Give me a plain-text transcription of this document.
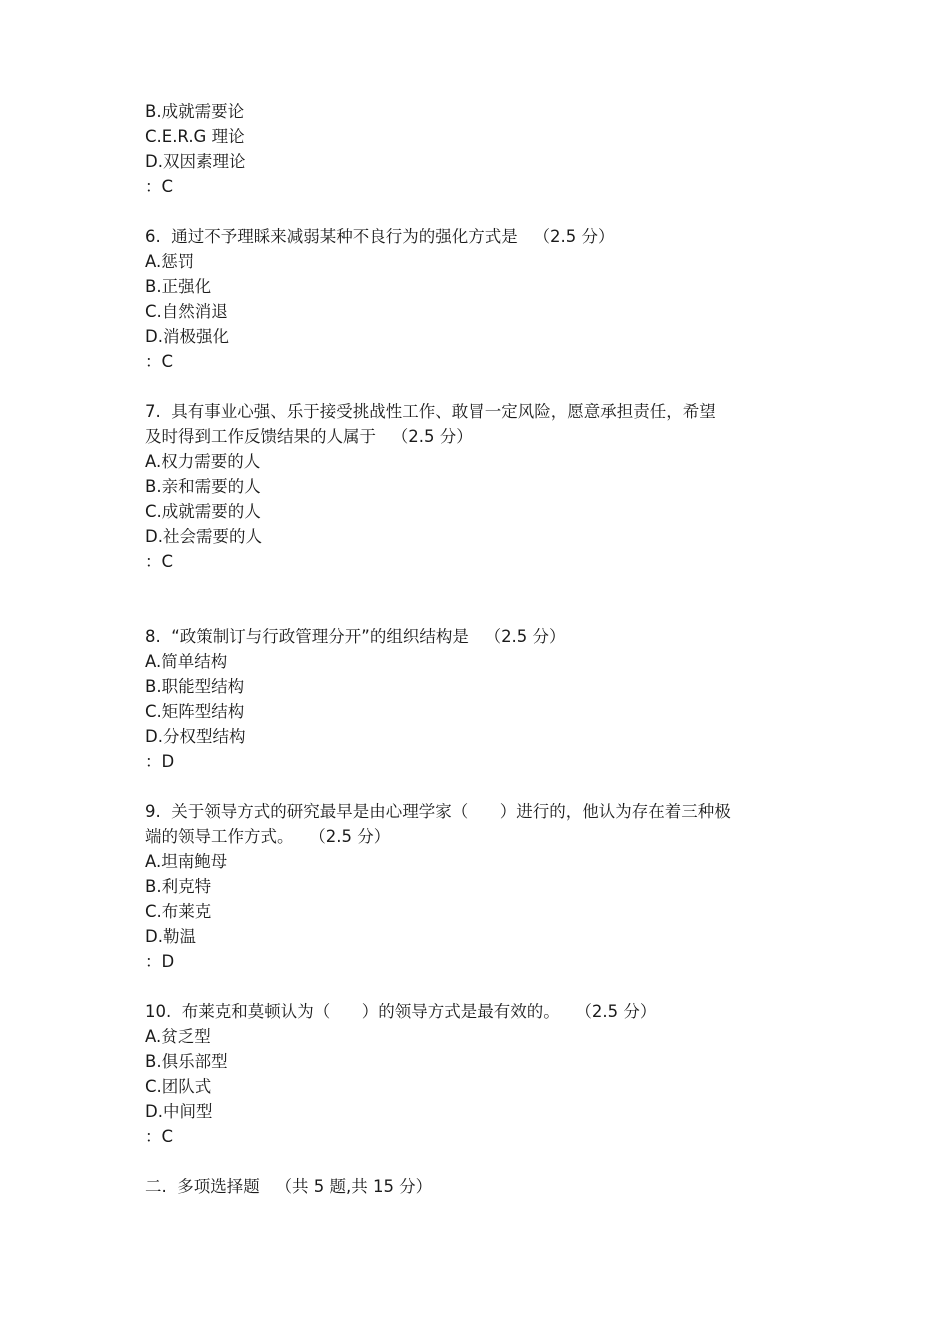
B.成就需要论
C.E.R.G 理论
D.双因素理论
：C
6.  通过不予理睬来减弱某种不良行为的强化方式是   （2.5 分）
A.惩罚
B.正强化
C.自然消退
D.消极强化
：C
7.  具有事业心强、乐于接受挑战性工作、敢冒一定风险，愿意承担责任，希望
及时得到工作反馈结果的人属于   （2.5 分）
A.权力需要的人
B.亲和需要的人
C.成就需要的人
D.社会需要的人
：C
8.  “政策制订与行政管理分开”的组织结构是   （2.5 分）
A.简单结构
B.职能型结构
C.矩阵型结构
D.分权型结构
：D
9.  关于领导方式的研究最早是由心理学家（      ）进行的，他认为存在着三种极
端的领导工作方式。   （2.5 分）
A.坦南鲍母
B.利克特
C.布莱克
D.勒温
：D
10.  布莱克和莫顿认为（      ）的领导方式是最有效的。   （2.5 分）
A.贫乏型
B.俱乐部型
C.团队式
D.中间型
：C
二.  多项选择题   （共 5 题,共 15 分）
